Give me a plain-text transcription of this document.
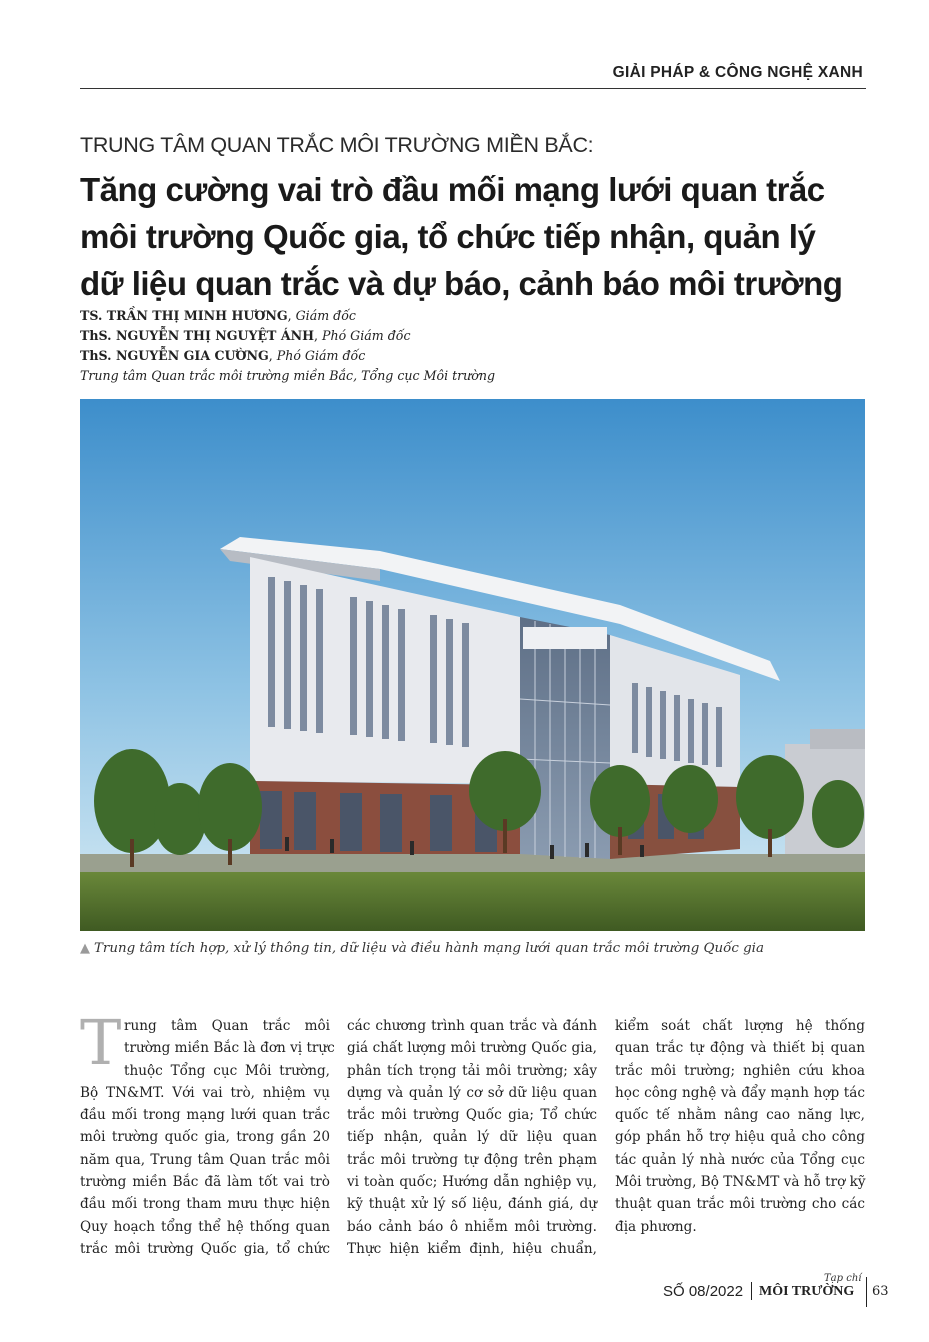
GIẢI PHÁP & CÔNG NGHỆ XANH
TRUNG TÂM QUAN TRẮC MÔI TRƯỜNG MIỀN BẮC:
Tăng cường vai trò đầu mối mạng lưới quan trắc
môi trường Quốc gia, tổ chức tiếp nhận, quản lý
dữ liệu quan trắc và dự báo, cảnh báo môi trường
TS. TRẦN THỊ MINH HƯƠNG, Giám đốc
ThS. NGUYỄN THỊ NGUYỆT ÁNH, Phó Giám đốc
ThS. NGUYỄN GIA CƯỜNG, Phó Giám đốc
Trung tâm Quan trắc môi trường miền Bắc, Tổng cục Môi trường
▲ Trung tâm tích hợp, xử lý thông tin, dữ liệu và điều hành mạng lưới quan trắc môi trường Quốc gia
T rung tâm Quan trắc môi
trường miền Bắc là đơn vị trực
thuộc Tổng cục Môi trường,
Bộ TN&MT. Với vai trò, nhiệm vụ
đầu mối trong mạng lưới quan trắc
môi trường quốc gia, trong gần 20
năm qua, Trung tâm Quan trắc môi
trường miền Bắc đã làm tốt vai trò
đầu mối trong tham mưu thực hiện
Quy hoạch tổng thể hệ thống quan
trắc môi trường Quốc gia, tổ chức
các chương trình quan trắc và đánh
giá chất lượng môi trường Quốc gia,
phân tích trọng tải môi trường; xây
dựng và quản lý cơ sở dữ liệu quan
trắc môi trường Quốc gia; Tổ chức
tiếp nhận, quản lý dữ liệu quan
trắc môi trường tự động trên phạm
vi toàn quốc; Hướng dẫn nghiệp vụ,
kỹ thuật xử lý số liệu, đánh giá, dự
báo cảnh báo ô nhiễm môi trường.
Thực hiện kiểm định, hiệu chuẩn,
kiểm soát chất lượng hệ thống
quan trắc tự động và thiết bị quan
trắc môi trường; nghiên cứu khoa
học công nghệ và đẩy mạnh hợp tác
quốc tế nhằm nâng cao năng lực,
góp phần hỗ trợ hiệu quả cho công
tác quản lý nhà nước của Tổng cục
Môi trường, Bộ TN&MT và hỗ trợ kỹ
thuật quan trắc môi trường cho các
địa phương.
Tạp chí
SỐ 08/2022 MÔI TRƯỜNG 63
